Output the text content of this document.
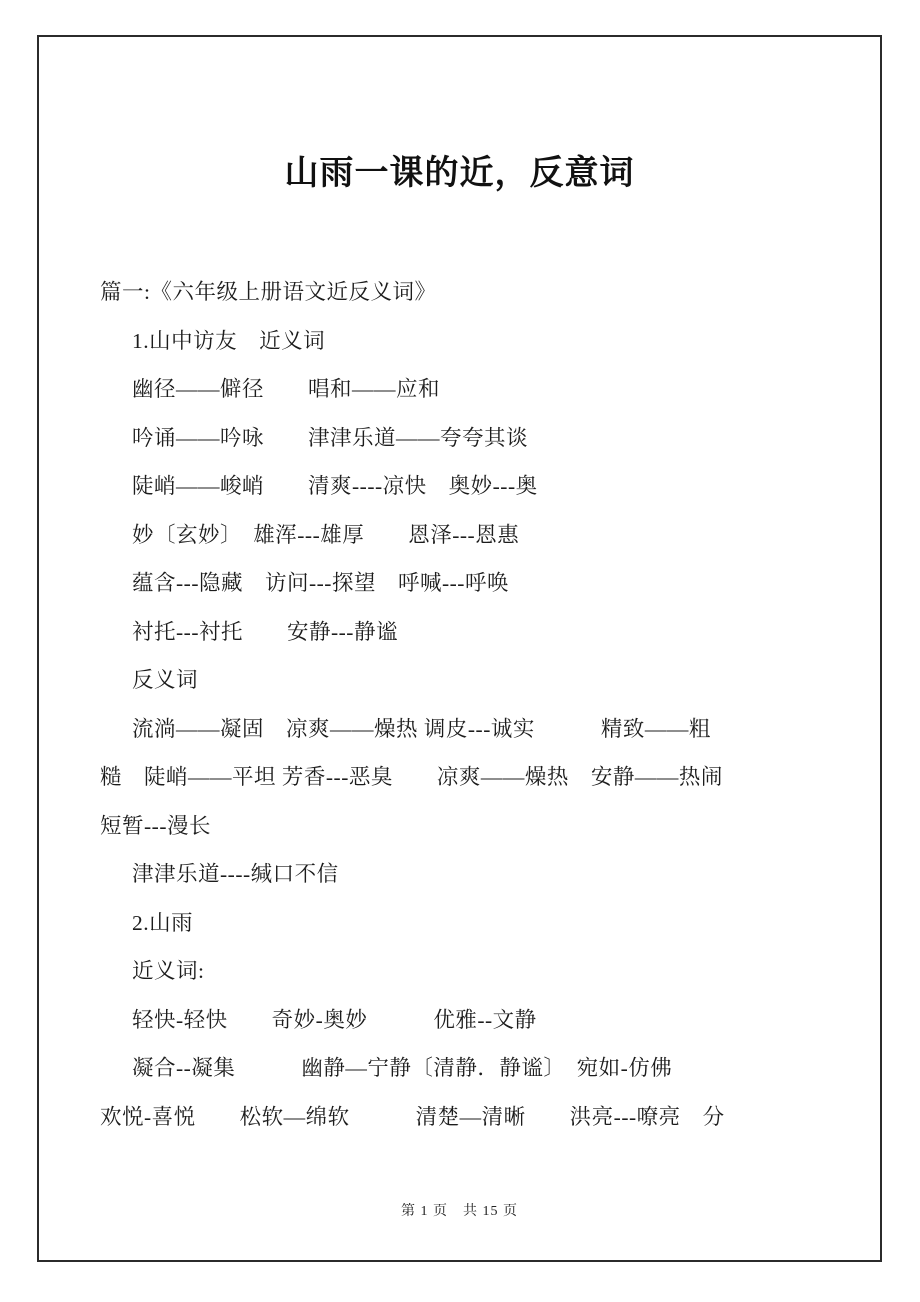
山雨一课的近，反意词
篇一:《六年级上册语文近反义词》
1.山中访友　近义词
幽径——僻径　　唱和——应和
吟诵——吟咏　　津津乐道——夸夸其谈
陡峭——峻峭　　清爽----凉快　奥妙---奥
妙〔玄妙〕　雄浑---雄厚　　恩泽---恩惠
蕴含---隐藏　访问---探望　呼喊---呼唤
衬托---衬托　　安静---静谧
反义词
流淌——凝固　凉爽——燥热 调皮---诚实　　　精致——粗
糙　陡峭——平坦 芳香---恶臭　　凉爽——燥热　安静——热闹
短暂---漫长
津津乐道----缄口不信
2.山雨
近义词:
轻快-轻快　　奇妙-奥妙　　　优雅--文静
凝合--凝集　　　幽静—宁静〔清静．静谧〕　宛如-仿佛
欢悦-喜悦　　松软—绵软　　　清楚—清晰　　洪亮---嘹亮　分
第 1 页　共 15 页
